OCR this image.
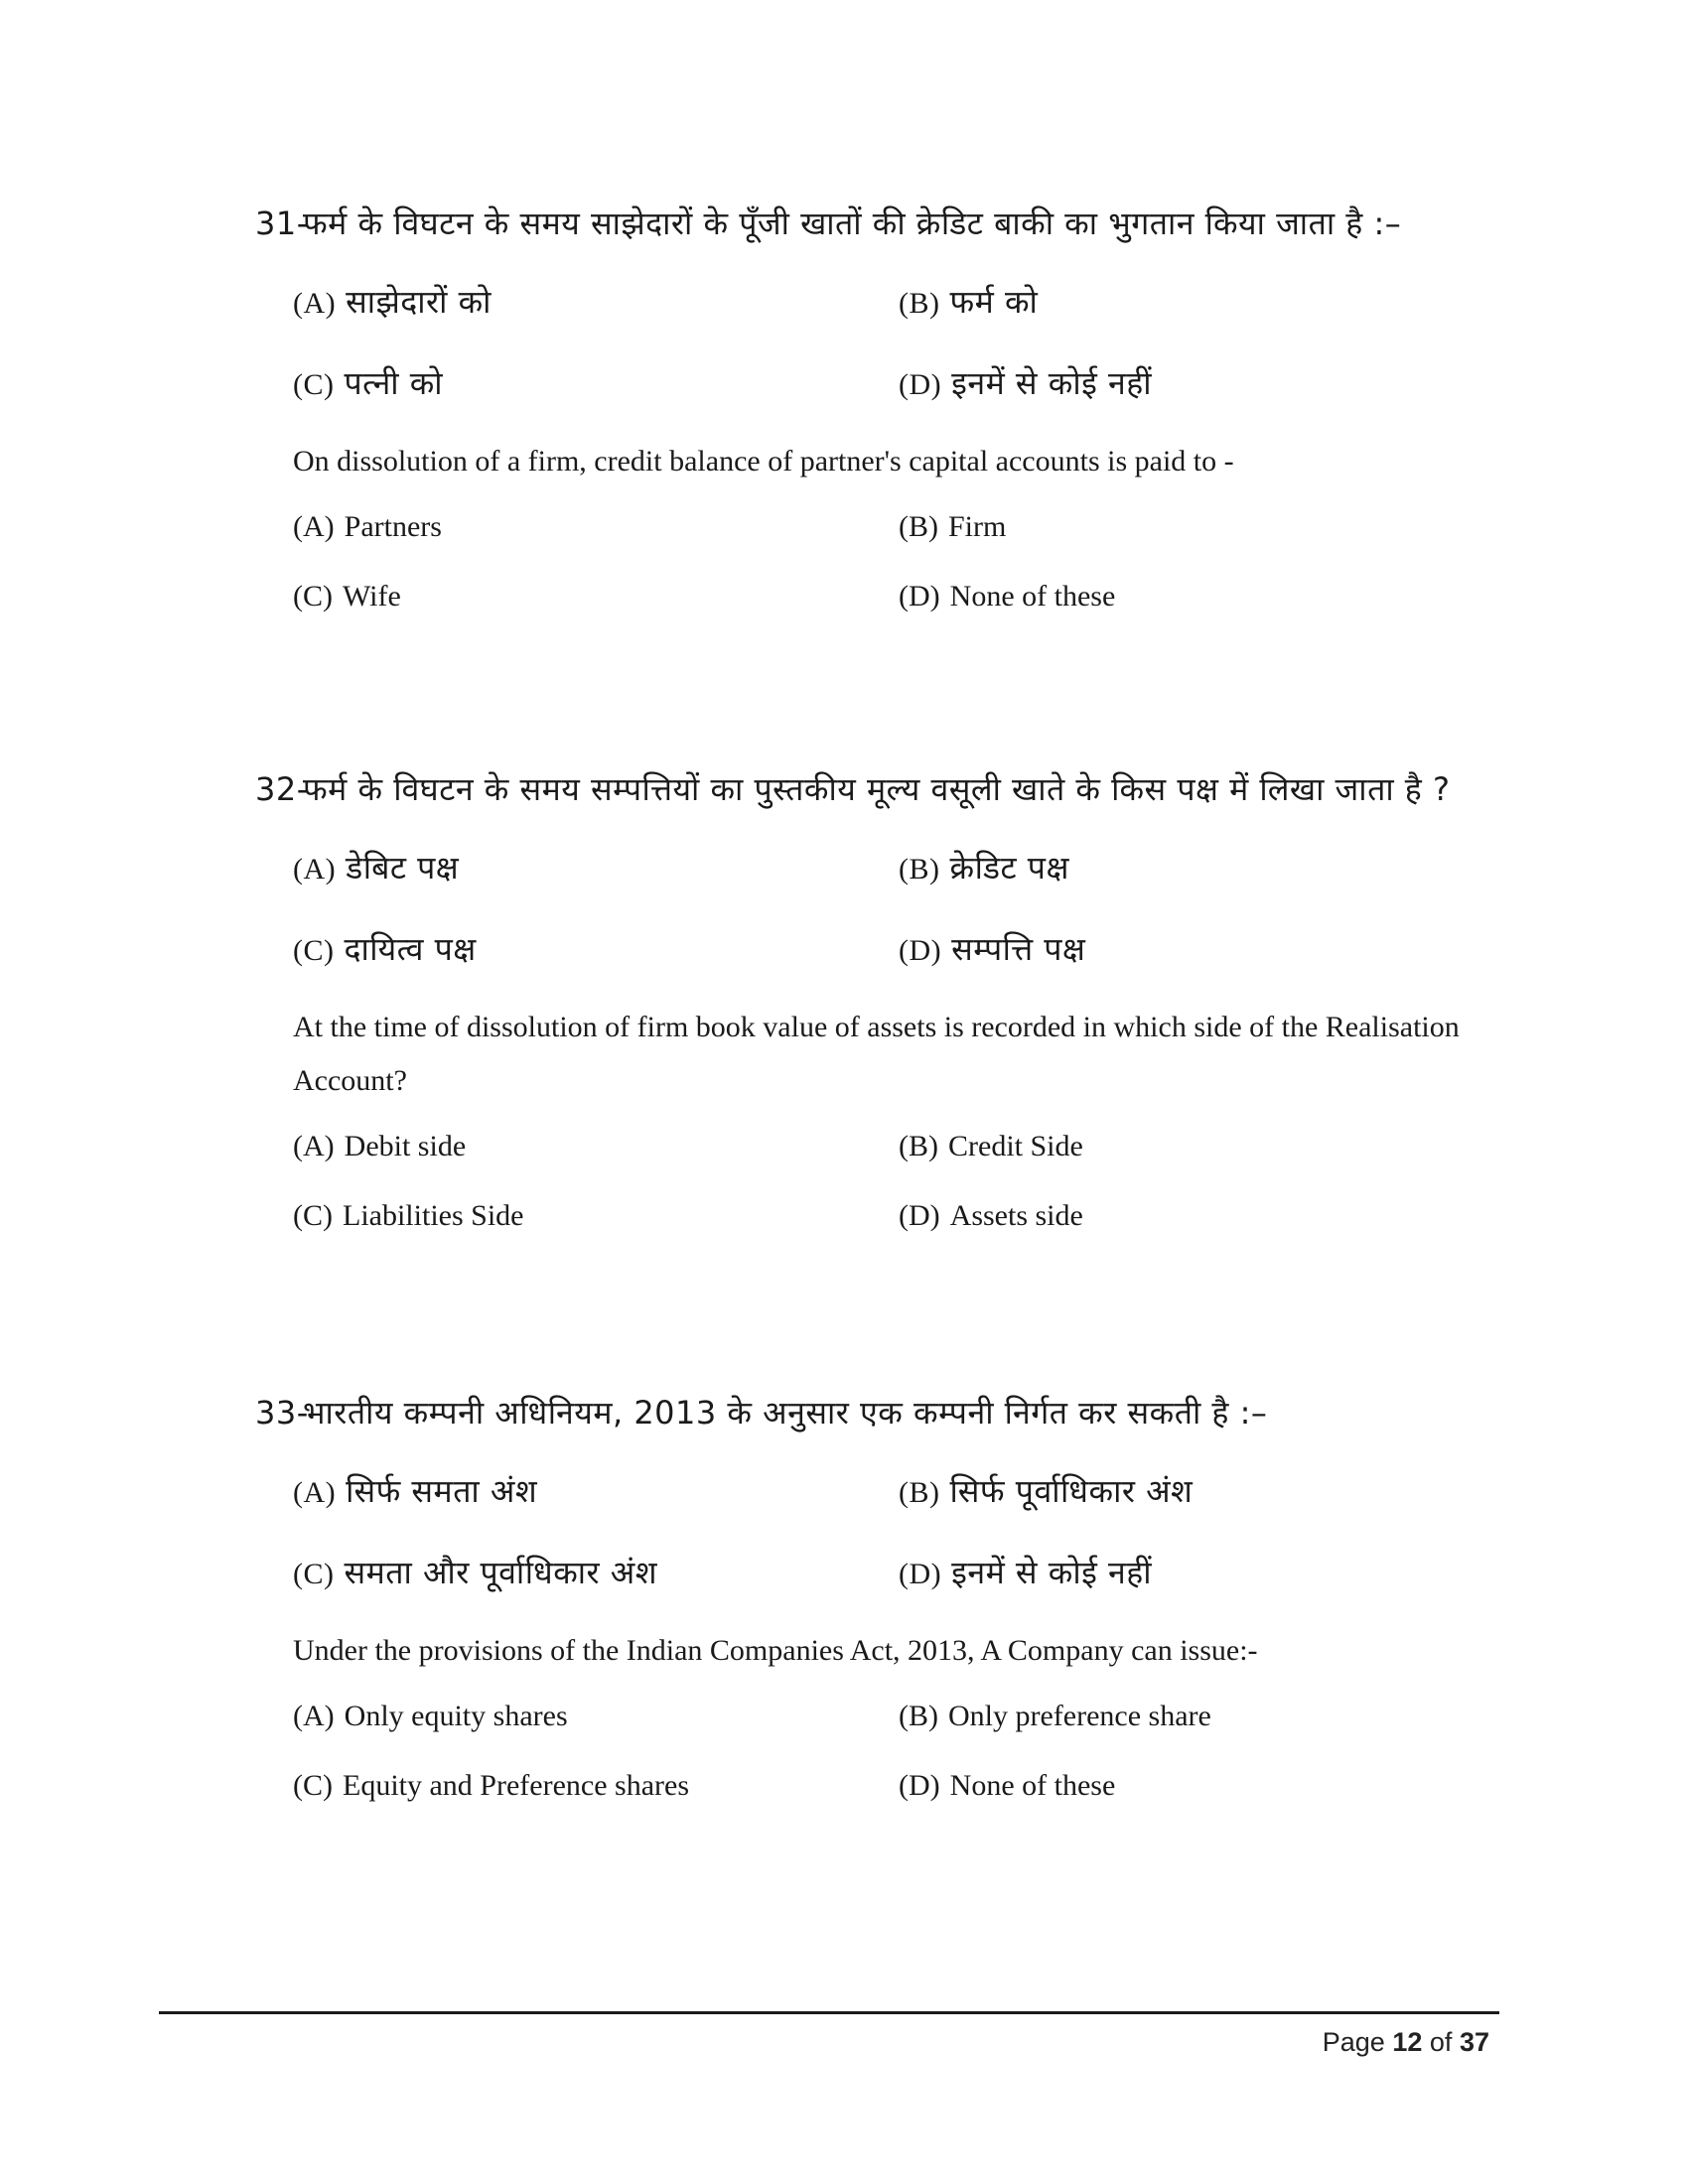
31-
फर्म के विघटन के समय साझेदारों के पूँजी खातों की क्रेडिट बाकी का भुगतान किया जाता है :–
(A) साझेदारों को	(B) फर्म को
(C) पत्नी को	(D) इनमें से कोई नहीं
On dissolution of a firm, credit balance of partner's capital accounts is paid to -
(A) Partners	(B) Firm
(C) Wife	(D) None of these
32-
फर्म के विघटन के समय सम्पत्तियों का पुस्तकीय मूल्य वसूली खाते के किस पक्ष में लिखा जाता है ?
(A) डेबिट पक्ष	(B) क्रेडिट पक्ष
(C) दायित्व पक्ष	(D) सम्पत्ति पक्ष
At the time of dissolution of firm book value of assets is recorded in which side of the Realisation Account?
(A) Debit side	(B) Credit Side
(C) Liabilities Side	(D) Assets side
33-
भारतीय कम्पनी अधिनियम, 2013 के अनुसार एक कम्पनी निर्गत कर सकती है :–
(A) सिर्फ समता अंश	(B) सिर्फ पूर्वाधिकार अंश
(C) समता और पूर्वाधिकार अंश	(D) इनमें से कोई नहीं
Under the provisions of the Indian Companies Act, 2013, A Company can issue:-
(A) Only equity shares	(B) Only preference share
(C) Equity and Preference shares	(D) None of these
Page 12 of 37
